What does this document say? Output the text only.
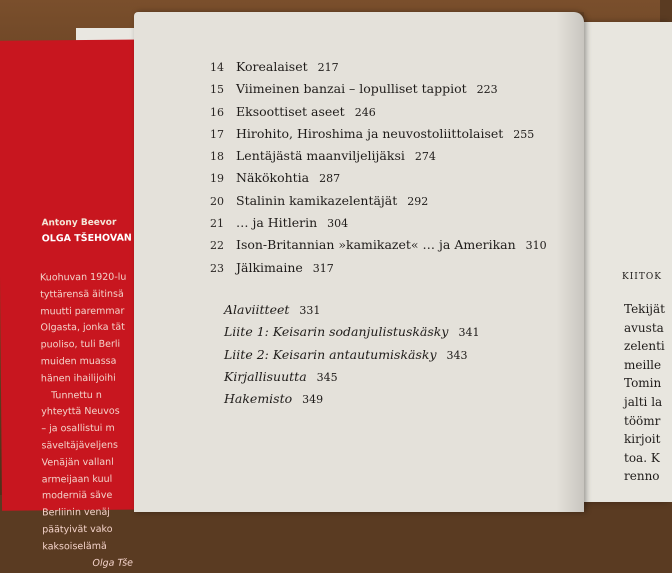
Antony Beevor
OLGA TŠEHOVAN
Kuohuvan 1920-lu
tyttärensä äitinsä
muutti paremmar
Olgasta, jonka tät
puoliso, tuli Berli
muiden muassa
hänen ihailijoihi
Tunnettu n
yhteyttä Neuvos
– ja osallistui m
säveltäjäveljens
Venäjän vallanl
armeijaan kuul
moderniä säve
Berliinin venäj
päätyivät vako
kaksoiselämä
Olga Tše
KIITOK
Tekijät
avusta
zelenti
meille
Tomin
jalti la
töömr
kirjoit
toa. K
renno
14 Korealaiset 217
15 Viimeinen banzai – lopulliset tappiot 223
16 Eksoottiset aseet 246
17 Hirohito, Hiroshima ja neuvostoliittolaiset 255
18 Lentäjästä maanviljelijäksi 274
19 Näkökohtia 287
20 Stalinin kamikazelentäjät 292
21 … ja Hitlerin 304
22 Ison-Britannian »kamikazet« … ja Amerikan 310
23 Jälkimaine 317
Alaviitteet 331
Liite 1: Keisarin sodanjulistuskäsky 341
Liite 2: Keisarin antautumiskäsky 343
Kirjallisuutta 345
Hakemisto 349
